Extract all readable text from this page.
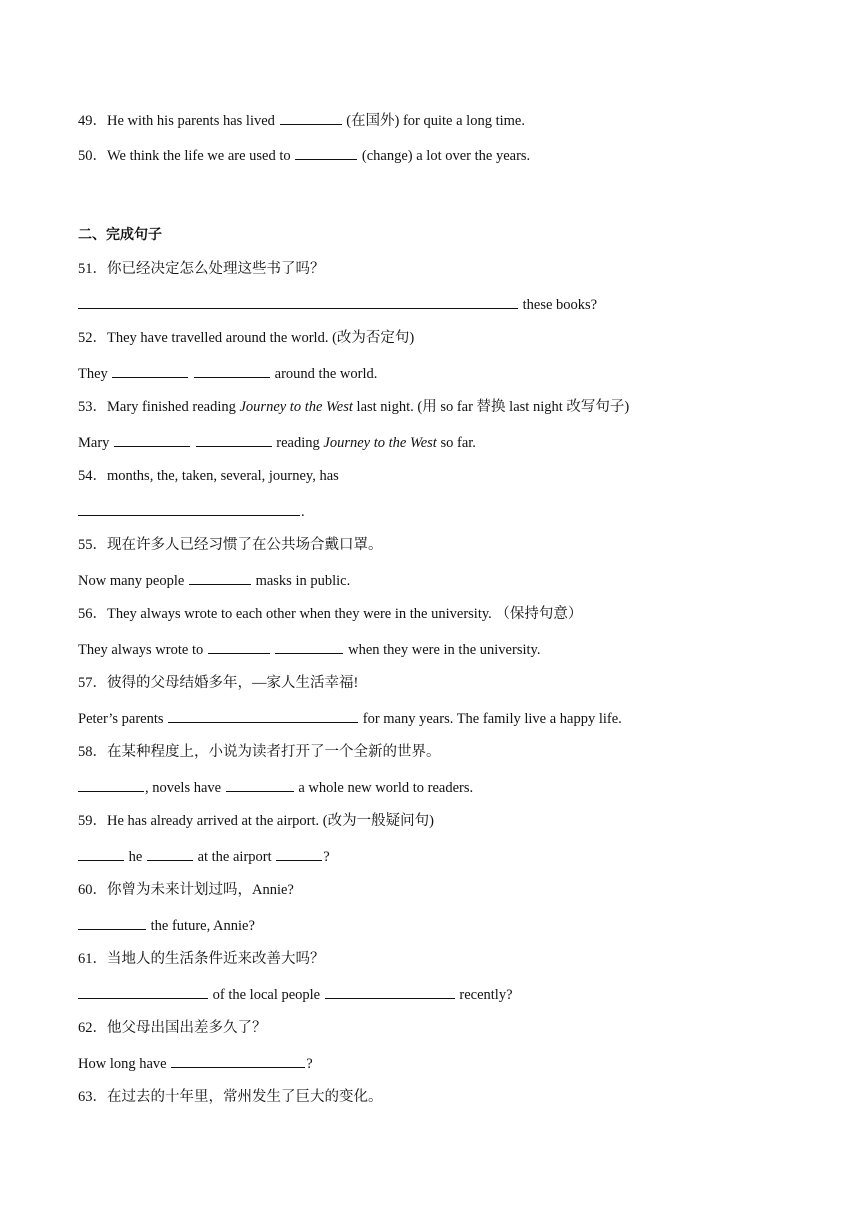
49．He with his parents has lived	(在国外) for quite a long time.
50．We think the life we are used to	(change) a lot over the years.
二、完成句子
51．你已经决定怎么处理这些书了吗？
these books?
52．They have travelled around the world. (改为否定句)
They	around the world.
53．Mary finished reading Journey to the West last night. (用 so far 替换 last night 改写句子)
Mary	reading Journey to the West so far.
54．months, the, taken, several, journey, has
.
55．现在许多人已经习惯了在公共场合戴口罩。
Now many people	masks in public.
56．They always wrote to each other when they were in the university. （保持句意）
They always wrote to	when they were in the university.
57．彼得的父母结婚多年，—家人生活幸福!
Peter’s parents	for many years. The family live a happy life.
58．在某种程度上，小说为读者打开了一个全新的世界。
, novels have	a whole new world to readers.
59．He has already arrived at the airport. (改为一般疑问句)
he	at the airport	?
60．你曾为未来计划过吗，Annie?
the future, Annie?
61．当地人的生活条件近来改善大吗？
of the local people	recently?
62．他父母出国出差多久了？
How long have	?
63．在过去的十年里，常州发生了巨大的变化。
